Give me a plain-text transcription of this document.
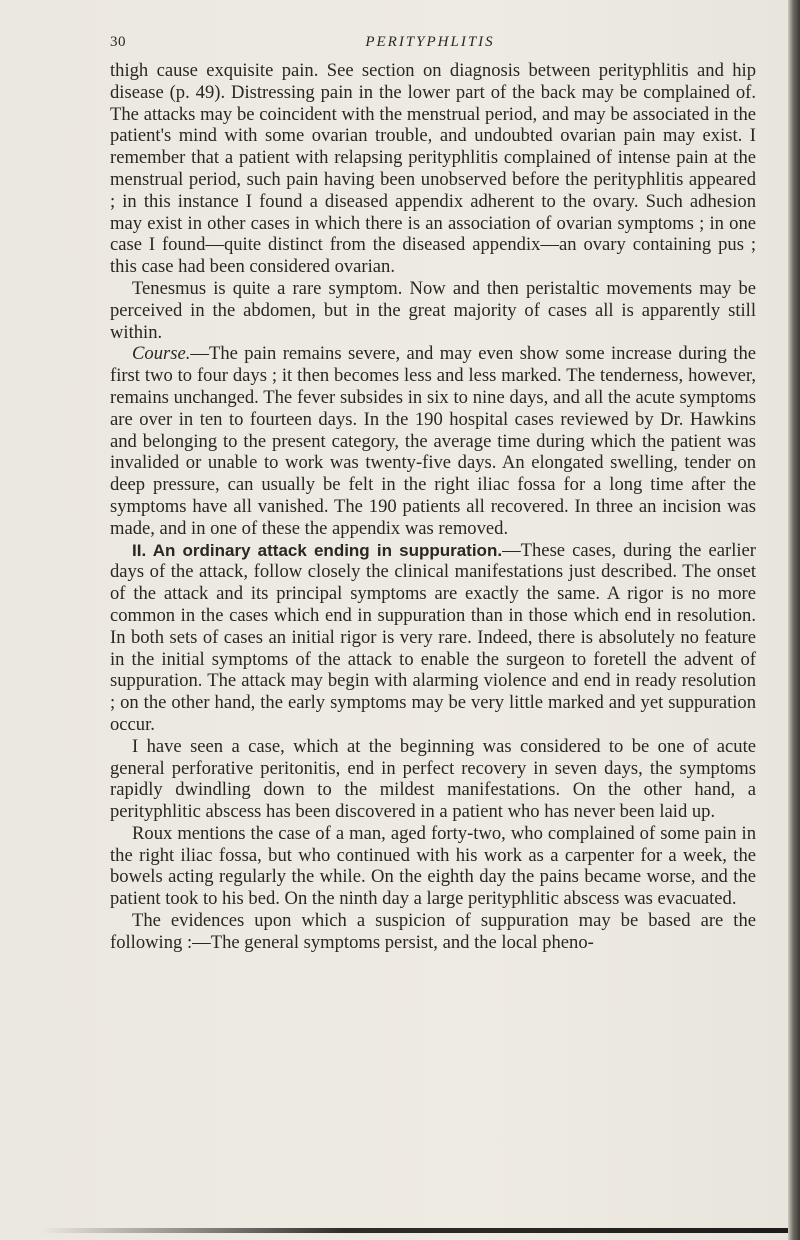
30	PERITYPHLITIS

thigh cause exquisite pain. See section on diagnosis between perityphlitis and hip disease (p. 49). Distressing pain in the lower part of the back may be complained of. The attacks may be coincident with the menstrual period, and may be associated in the patient's mind with some ovarian trouble, and undoubted ovarian pain may exist. I remember that a patient with relapsing perityphlitis complained of intense pain at the menstrual period, such pain having been unobserved before the perityphlitis appeared ; in this instance I found a diseased appendix adherent to the ovary. Such adhesion may exist in other cases in which there is an association of ovarian symptoms ; in one case I found—quite distinct from the diseased appendix—an ovary containing pus ; this case had been considered ovarian.

Tenesmus is quite a rare symptom. Now and then peristaltic movements may be perceived in the abdomen, but in the great majority of cases all is apparently still within.

Course.—The pain remains severe, and may even show some increase during the first two to four days ; it then becomes less and less marked. The tenderness, however, remains unchanged. The fever subsides in six to nine days, and all the acute symptoms are over in ten to fourteen days. In the 190 hospital cases reviewed by Dr. Hawkins and belonging to the present category, the average time during which the patient was invalided or unable to work was twenty-five days. An elongated swelling, tender on deep pressure, can usually be felt in the right iliac fossa for a long time after the symptoms have all vanished. The 190 patients all recovered. In three an incision was made, and in one of these the appendix was removed.

II. An ordinary attack ending in suppuration.—These cases, during the earlier days of the attack, follow closely the clinical manifestations just described. The onset of the attack and its principal symptoms are exactly the same. A rigor is no more common in the cases which end in suppuration than in those which end in resolution. In both sets of cases an initial rigor is very rare. Indeed, there is absolutely no feature in the initial symptoms of the attack to enable the surgeon to foretell the advent of suppuration. The attack may begin with alarming violence and end in ready resolution ; on the other hand, the early symptoms may be very little marked and yet suppuration occur.

I have seen a case, which at the beginning was considered to be one of acute general perforative peritonitis, end in perfect recovery in seven days, the symptoms rapidly dwindling down to the mildest manifestations. On the other hand, a perityphlitic abscess has been discovered in a patient who has never been laid up.

Roux mentions the case of a man, aged forty-two, who complained of some pain in the right iliac fossa, but who continued with his work as a carpenter for a week, the bowels acting regularly the while. On the eighth day the pains became worse, and the patient took to his bed. On the ninth day a large perityphlitic abscess was evacuated.

The evidences upon which a suspicion of suppuration may be based are the following :—The general symptoms persist, and the local pheno-
